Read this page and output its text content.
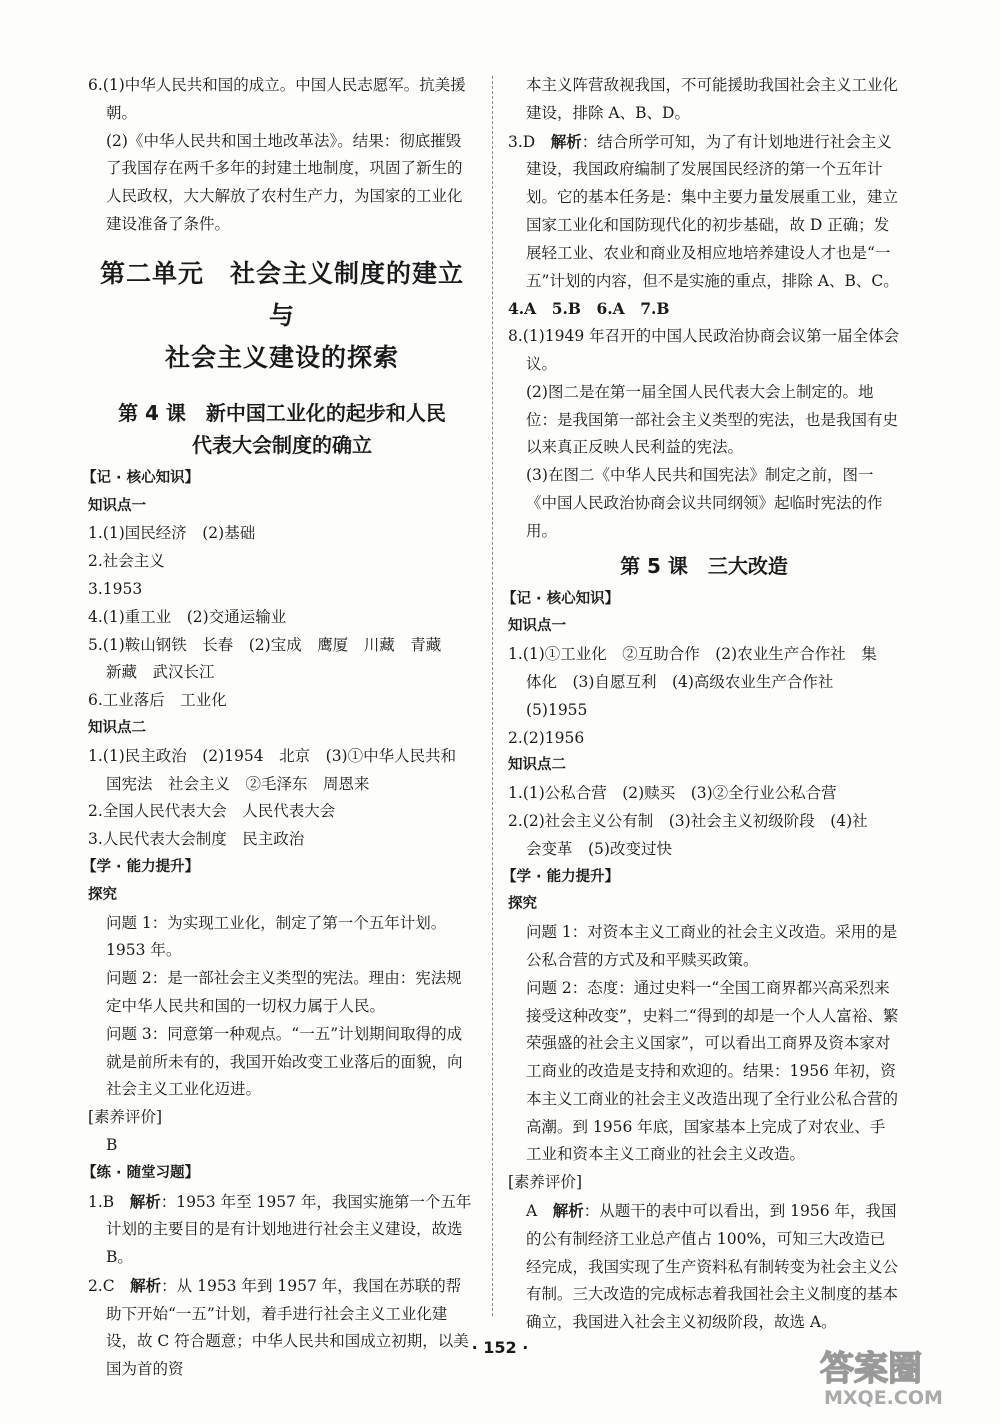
6.(1)中华人民共和国的成立。中国人民志愿军。抗美援朝。

(2)《中华人民共和国土地改革法》。结果：彻底摧毁了我国存在两千多年的封建土地制度，巩固了新生的人民政权，大大解放了农村生产力，为国家的工业化建设准备了条件。

第二单元　社会主义制度的建立与
社会主义建设的探索
第 4 课　新中国工业化的起步和人民
代表大会制度的确立

【记 · 核心知识】

知识点一

1.(1)国民经济　(2)基础

2.社会主义

3.1953

4.(1)重工业　(2)交通运输业

5.(1)鞍山钢铁　长春　(2)宝成　鹰厦　川藏　青藏

新藏　武汉长江

6.工业落后　工业化

知识点二

1.(1)民主政治　(2)1954　北京　(3)①中华人民共和

国宪法　社会主义　②毛泽东　周恩来

2.全国人民代表大会　人民代表大会

3.人民代表大会制度　民主政治

【学 · 能力提升】

探究

问题 1：为实现工业化，制定了第一个五年计划。1953 年。

问题 2：是一部社会主义类型的宪法。理由：宪法规定中华人民共和国的一切权力属于人民。

问题 3：同意第一种观点。“一五”计划期间取得的成就是前所未有的，我国开始改变工业落后的面貌，向社会主义工业化迈进。

[素养评价]

B

【练 · 随堂习题】

1.B　解析：1953 年至 1957 年，我国实施第一个五年计划的主要目的是有计划地进行社会主义建设，故选 B。

2.C　解析：从 1953 年到 1957 年，我国在苏联的帮助下开始“一五”计划，着手进行社会主义工业化建设，故 C 符合题意；中华人民共和国成立初期，以美国为首的资

本主义阵营敌视我国，不可能援助我国社会主义工业化建设，排除 A、B、D。

3.D　解析：结合所学可知，为了有计划地进行社会主义建设，我国政府编制了发展国民经济的第一个五年计划。它的基本任务是：集中主要力量发展重工业，建立国家工业化和国防现代化的初步基础，故 D 正确；发展轻工业、农业和商业及相应地培养建设人才也是“一五”计划的内容，但不是实施的重点，排除 A、B、C。

4.A　5.B　6.A　7.B

8.(1)1949 年召开的中国人民政治协商会议第一届全体会议。

(2)图二是在第一届全国人民代表大会上制定的。地位：是我国第一部社会主义类型的宪法，也是我国有史以来真正反映人民利益的宪法。

(3)在图二《中华人民共和国宪法》制定之前，图一《中国人民政治协商会议共同纲领》起临时宪法的作用。

第 5 课　三大改造

【记 · 核心知识】

知识点一

1.(1)①工业化　②互助合作　(2)农业生产合作社　集

体化　(3)自愿互利　(4)高级农业生产合作社

(5)1955

2.(2)1956

知识点二

1.(1)公私合营　(2)赎买　(3)②全行业公私合营

2.(2)社会主义公有制　(3)社会主义初级阶段　(4)社

会变革　(5)改变过快

【学 · 能力提升】

探究

问题 1：对资本主义工商业的社会主义改造。采用的是公私合营的方式及和平赎买政策。

问题 2：态度：通过史料一“全国工商界都兴高采烈来接受这种改变”，史料二“得到的却是一个人人富裕、繁荣强盛的社会主义国家”，可以看出工商界及资本家对工商业的改造是支持和欢迎的。结果：1956 年初，资本主义工商业的社会主义改造出现了全行业公私合营的高潮。到 1956 年底，国家基本上完成了对农业、手工业和资本主义工商业的社会主义改造。

[素养评价]

A　解析：从题干的表中可以看出，到 1956 年，我国的公有制经济工业总产值占 100%，可知三大改造已经完成，我国实现了生产资料私有制转变为社会主义公有制。三大改造的完成标志着我国社会主义制度的基本确立，我国进入社会主义初级阶段，故选 A。

· 152 ·
答案圈
MXQE.COM
